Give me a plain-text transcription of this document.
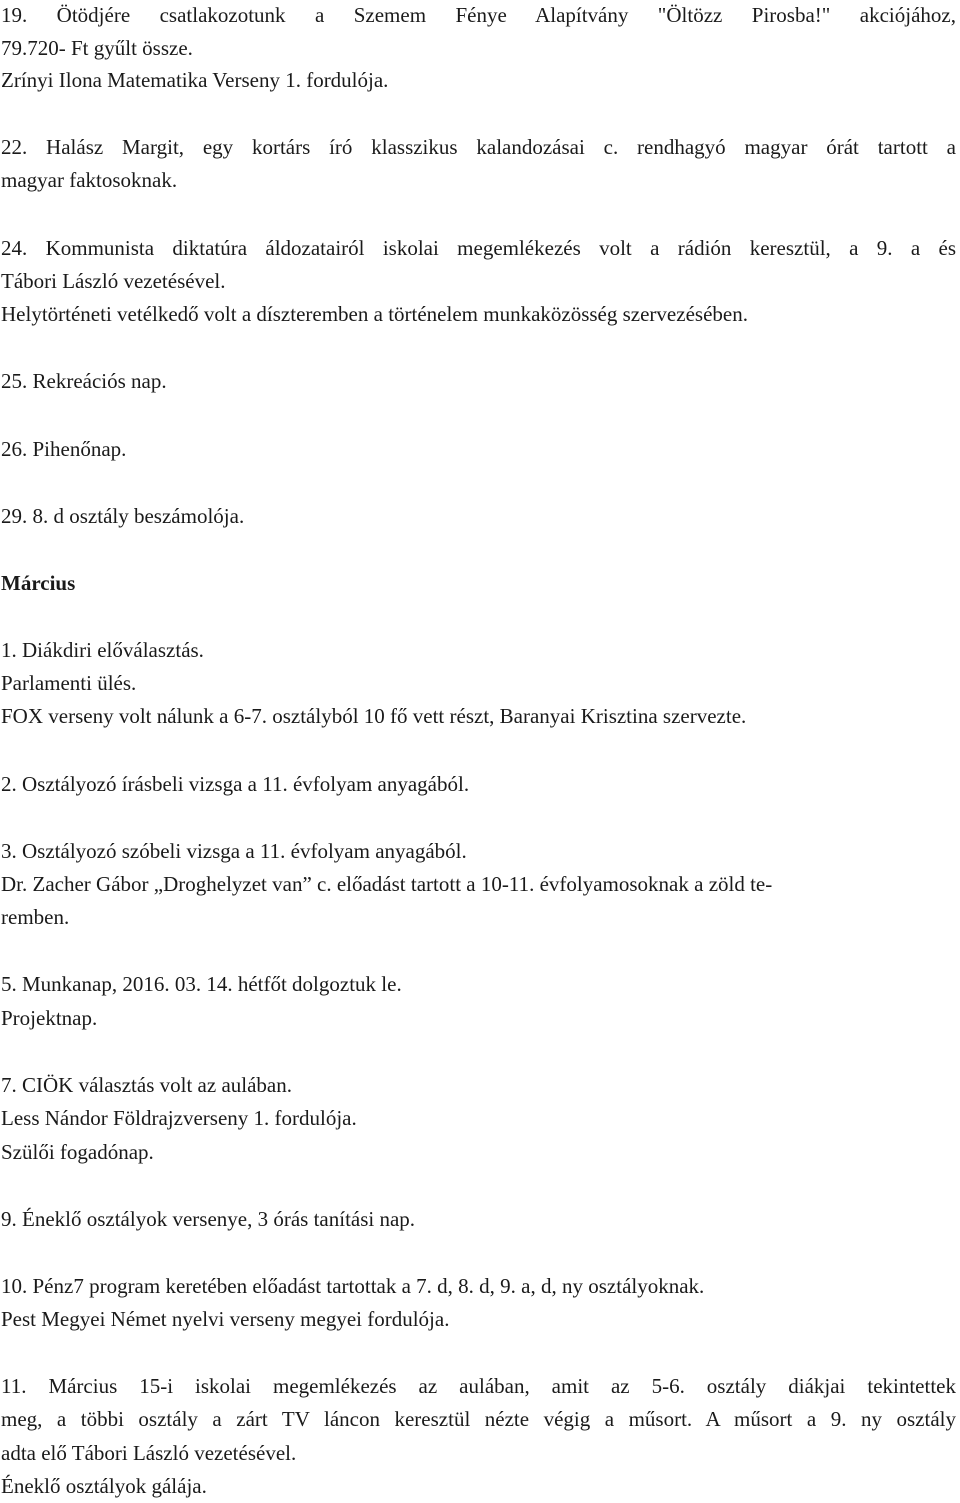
19. Ötödjére csatlakozotunk a Szemem Fénye Alapítvány "Öltözz Pirosba!" akciójához,
79.720- Ft gyűlt össze.
Zrínyi Ilona Matematika Verseny 1. fordulója.
22. Halász Margit, egy kortárs író klasszikus kalandozásai c. rendhagyó magyar órát tartott a
magyar faktosoknak.
24. Kommunista diktatúra áldozatairól iskolai megemlékezés volt a rádión keresztül, a 9. a és
Tábori László vezetésével.
Helytörténeti vetélkedő volt a díszteremben a történelem munkaközösség szervezésében.
25. Rekreációs nap.
26. Pihenőnap.
29. 8. d osztály beszámolója.
Március
1. Diákdiri előválasztás.
Parlamenti ülés.
FOX verseny volt nálunk a 6-7. osztályból 10 fő vett részt, Baranyai Krisztina szervezte.
2. Osztályozó írásbeli vizsga a 11. évfolyam anyagából.
3. Osztályozó szóbeli vizsga a 11. évfolyam anyagából.
Dr. Zacher Gábor „Droghelyzet van” c. előadást tartott a 10-11. évfolyamosoknak a zöld te-
remben.
5. Munkanap, 2016. 03. 14. hétfőt dolgoztuk le.
Projektnap.
7. CIÖK választás volt az aulában.
Less Nándor Földrajzverseny 1. fordulója.
Szülői fogadónap.
9. Éneklő osztályok versenye, 3 órás tanítási nap.
10. Pénz7 program keretében előadást tartottak a 7. d, 8. d, 9. a, d, ny osztályoknak.
Pest Megyei Német nyelvi verseny megyei fordulója.
11. Március 15-i iskolai megemlékezés az aulában, amit az 5-6. osztály diákjai tekintettek
meg, a többi osztály a zárt TV láncon keresztül nézte végig a műsort. A műsort a 9. ny osztály
adta elő Tábori László vezetésével.
Éneklő osztályok gálája.
